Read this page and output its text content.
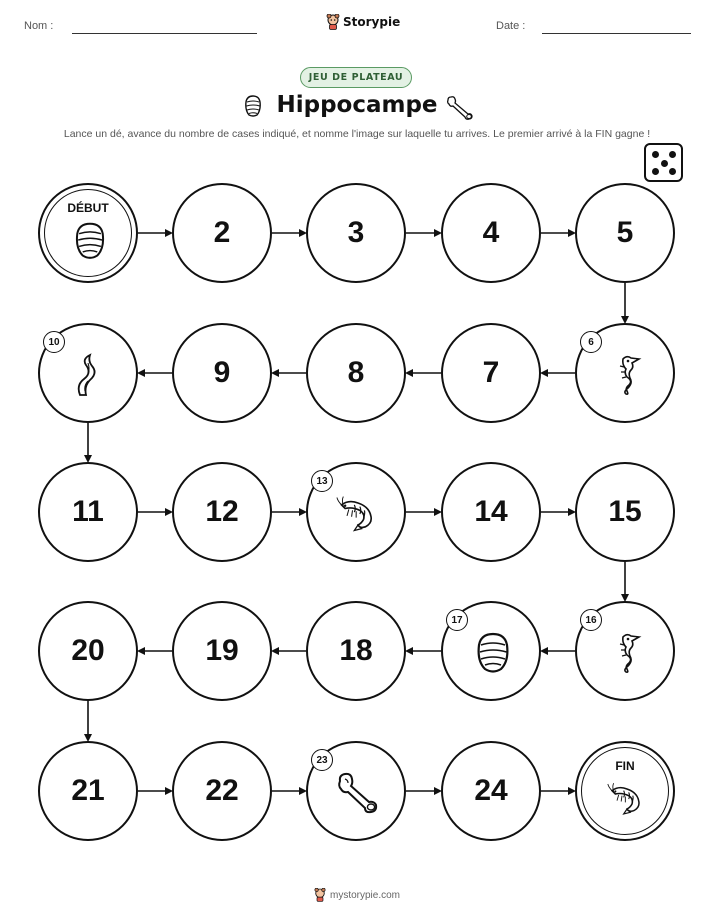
Nom :	Storypie	Date :
JEU DE PLATEAU
Hippocampe
Lance un dé, avance du nombre de cases indiqué, et nomme l'image sur laquelle tu arrives. Le premier arrivé à la FIN gagne !
DÉBUT
2	3	4	5
6
7
8
9
10
11	12
13
14	15
16
17
18
19
20
21	22
23
24
FIN
mystorypie.com
